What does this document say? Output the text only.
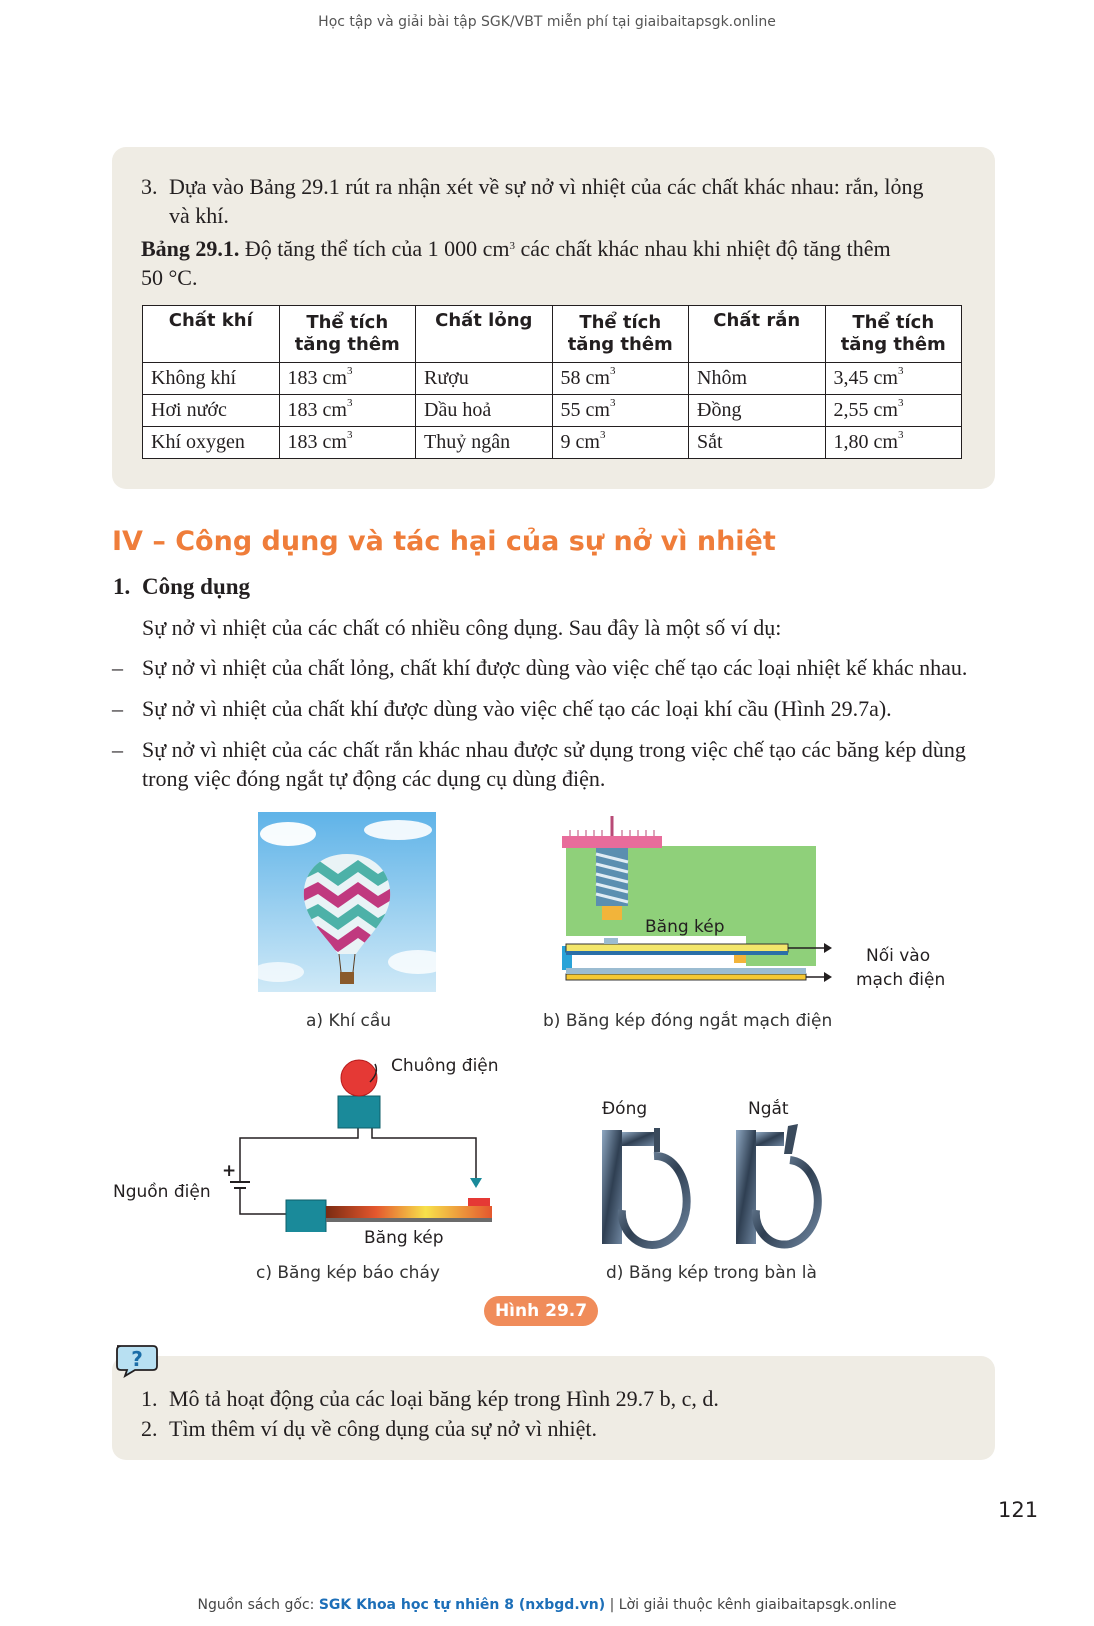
Học tập và giải bài tập SGK/VBT miễn phí tại giaibaitapsgk.online
3. Dựa vào Bảng 29.1 rút ra nhận xét về sự nở vì nhiệt của các chất khác nhau: rắn, lỏng
và khí.
Bảng 29.1. Độ tăng thể tích của 1 000 $cm^3$ các chất khác nhau khi nhiệt độ tăng thêm
50 °C.
Chất khí	Thể tích tăng thêm	Chất lỏng	Thể tích tăng thêm	Chất rắn	Thể tích tăng thêm
Không khí	183 $cm^3$	Rượu	58 $cm^3$	Nhôm	3,45 $cm^3$
Hơi nước	183 $cm^3$	Dầu hoả	55 $cm^3$	Đồng	2,55 $cm^3$
Khí oxygen	183 $cm^3$	Thuỷ ngân	9 $cm^3$	Sắt	1,80 $cm^3$
IV – Công dụng và tác hại của sự nở vì nhiệt
1. Công dụng
Sự nở vì nhiệt của các chất có nhiều công dụng. Sau đây là một số ví dụ:
– Sự nở vì nhiệt của chất lỏng, chất khí được dùng vào việc chế tạo các loại nhiệt kế khác nhau.
– Sự nở vì nhiệt của chất khí được dùng vào việc chế tạo các loại khí cầu (Hình 29.7a).
– Sự nở vì nhiệt của các chất rắn khác nhau được sử dụng trong việc chế tạo các băng kép dùng
trong việc đóng ngắt tự động các dụng cụ dùng điện.
a) Khí cầu
Băng kép
Nối vào
mạch điện
b) Băng kép đóng ngắt mạch điện
Chuông điện
Nguồn điện
+
Băng kép
c) Băng kép báo cháy
Đóng	Ngắt
d) Băng kép trong bàn là
Hình 29.7
?
1. Mô tả hoạt động của các loại băng kép trong Hình 29.7 b, c, d.
2. Tìm thêm ví dụ về công dụng của sự nở vì nhiệt.
121
Nguồn sách gốc: SGK Khoa học tự nhiên 8 (nxbgd.vn) | Lời giải thuộc kênh giaibaitapsgk.online
